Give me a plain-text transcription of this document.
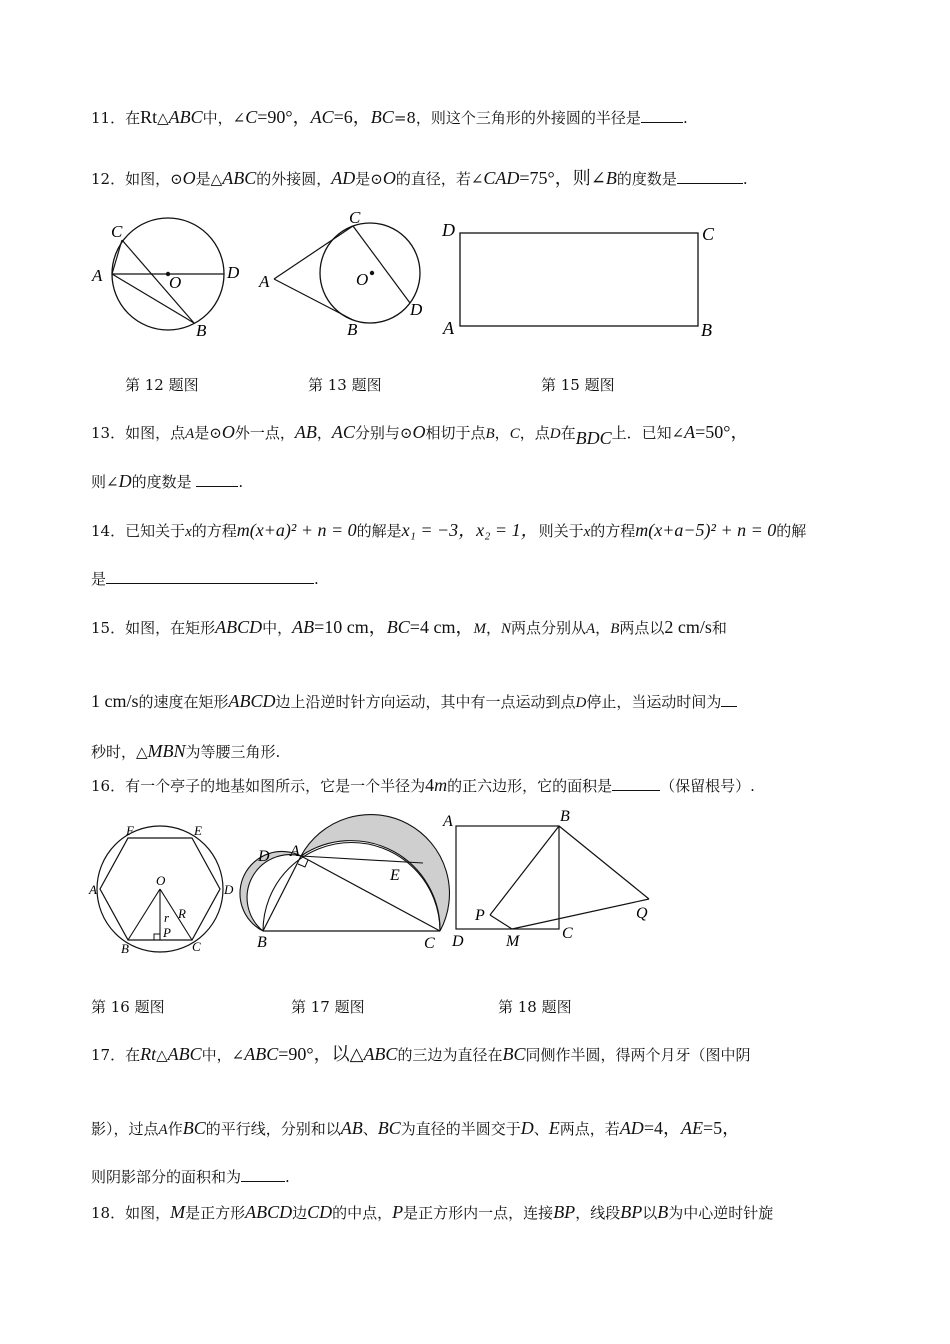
11．在Rt△ABC中，∠C=90°，AC=6，BC=8，则这个三角形的外接圆的半径是	.
12．如图，⊙O是△ABC的外接圆，AD是⊙O的直径，若∠CAD=75°，则∠B的度数是	.
C
A	O
D
B
第 12 题图
C
A	O
D
B
第 13 题图
D	C
A	B
第 15 题图
13．如图，点A是⊙O外一点，AB，AC分别与⊙O相切于点B，C，点D在BDC上．已知∠A=50°，
则∠D的度数是	.
14．已知关于x的方程m(x+a)² + n = 0的解是x₁ = −3，x₂ = 1，则关于x的方程m(x+a−5)² + n = 0的解
是	.
15．如图，在矩形ABCD中，AB=10 cm，BC=4 cm，M，N两点分别从A，B两点以2 cm/s和
1 cm/s的速度在矩形ABCD边上沿逆时针方向运动，其中有一点运动到点D停止，当运动时间为
秒时，△MBN为等腰三角形.
16．有一个亭子的地基如图所示，它是一个半径为4m的正六边形，它的面积是	（保留根号）.
F	E
A
O
D
R
r
P
B	C
第 16 题图
D A
E
B	C
第 17 题图
A	B
P	Q
D	M	C
第 18 题图
17．在Rt△ABC中，∠ABC=90°，以△ABC的三边为直径在BC同侧作半圆，得两个月牙（图中阴
影），过点A作BC的平行线，分别和以AB、BC为直径的半圆交于D、E两点，若AD=4，AE=5，
则阴影部分的面积和为	.
18．如图，M是正方形ABCD边CD的中点，P是正方形内一点，连接BP，线段BP以B为中心逆时针旋
